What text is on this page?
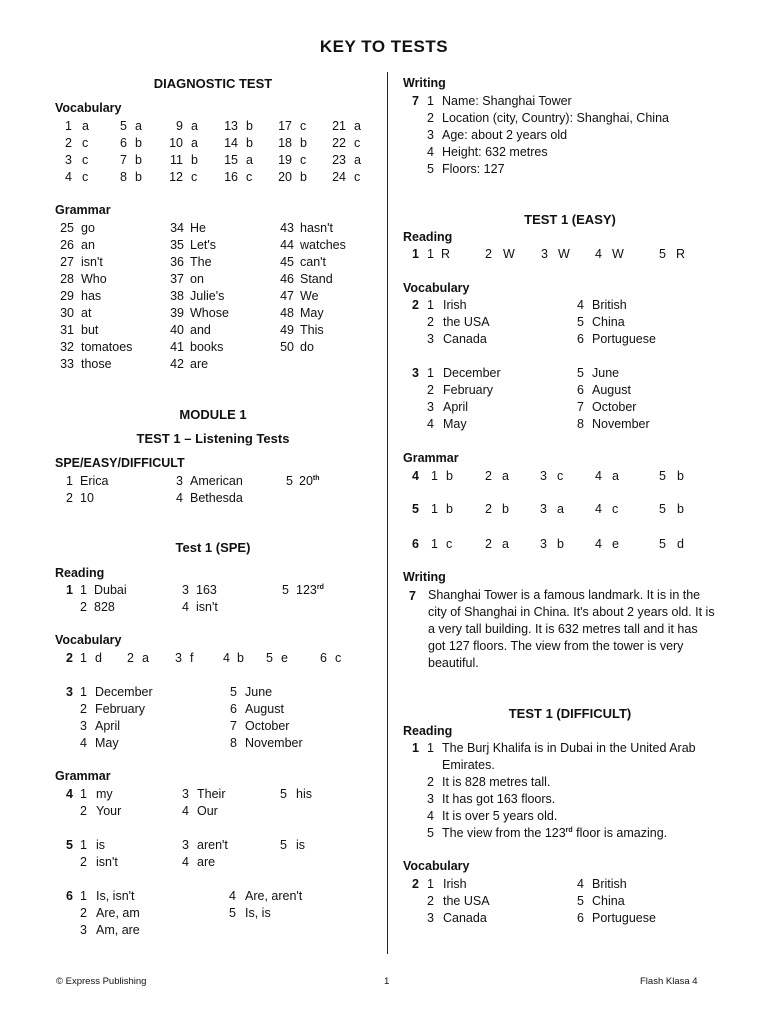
KEY TO TESTS
DIAGNOSTIC TEST
Vocabulary
Grammar
MODULE 1
TEST 1 – Listening Tests
SPE/EASY/DIFFICULT
Test 1 (SPE)
Reading
Vocabulary
Grammar
Writing
TEST 1 (EASY)
Reading
Vocabulary
Grammar
Writing
7 Shanghai Tower is a famous landmark. It is in the city of Shanghai in China. It's about 2 years old. It is a very tall building. It is 632 metres tall and it has got 127 floors. The view from the tower is very beautiful.
TEST 1 (DIFFICULT)
Reading
Vocabulary
© Express Publishing	1	Flash Klasa 4
1 a	5 a	9 a	13 b	17 c	21 a
2 c	6 b	10 a	14 b	18 b	22 c
3 c	7 b	11 b	15 a	19 c	23 a
4 c	8 b	12 c	16 c	20 b	24 c
25 go	34 He	43 hasn't
26 an	35 Let's	44 watches
27 isn't	36 The	45 can't
28 Who	37 on	46 Stand
29 has	38 Julie's	47 We
30 at	39 Whose	48 May
31 but	40 and	49 This
32 tomatoes	41 books	50 do
33 those	42 are
1 Erica	3 American	5 20th
2 10	4 Bethesda
1 1 Dubai	3 163	5 123rd
2 828	4 isn't
2 1 d	2 a	3 f	4 b	5 e	6 c
3 1 December	5 June
2 February	6 August
3 April	7 October
4 May	8 November
4 1 my	3 Their	5 his
2 Your	4 Our
5 1 is	3 aren't	5 is
2 isn't	4 are
6 1 Is, isn't	4 Are, aren't
2 Are, am	5 Is, is
3 Am, are
7 1 Name: Shanghai Tower
2 Location (city, Country): Shanghai, China
3 Age: about 2 years old
4 Height: 632 metres
5 Floors: 127
1 1 R	2 W	3 W	4 W	5 R
2 1 Irish	4 British
2 the USA	5 China
3 Canada	6 Portuguese
3 1 December	5 June
2 February	6 August
3 April	7 October
4 May	8 November
4 1 b	2 a	3 c	4 a	5 b
5 1 b	2 b	3 a	4 c	5 b
6 1 c	2 a	3 b	4 e	5 d
1 1 The Burj Khalifa is in Dubai in the United Arab
Emirates.
2 It is 828 metres tall.
3 It has got 163 floors.
4 It is over 5 years old.
5 The view from the 123rd floor is amazing.
2 1 Irish	4 British
2 the USA	5 China
3 Canada	6 Portuguese
